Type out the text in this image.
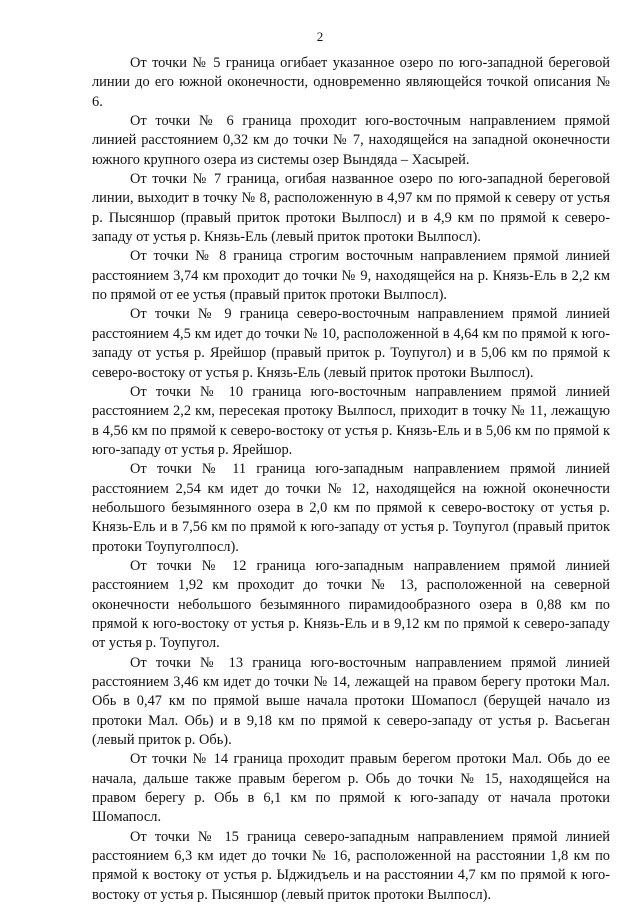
2

От точки № 5 граница огибает указанное озеро по юго-западной береговой линии до его южной оконечности, одновременно являющейся точкой описания № 6.

От точки № 6 граница проходит юго-восточным направлением прямой линией расстоянием 0,32 км до точки № 7, находящейся на западной оконечности южного крупного озера из системы озер Вындяда – Хасырей.

От точки № 7 граница, огибая названное озеро по юго-западной береговой линии, выходит в точку № 8, расположенную в 4,97 км по прямой к северу от устья р. Пысяншор (правый приток протоки Вылпосл) и в 4,9 км по прямой к северо-западу от устья р. Князь-Ель (левый приток протоки Вылпосл).

От точки № 8 граница строгим восточным направлением прямой линией расстоянием 3,74 км проходит до точки № 9, находящейся на р. Князь-Ель в 2,2 км по прямой от ее устья (правый приток протоки Вылпосл).

От точки № 9 граница северо-восточным направлением прямой линией расстоянием 4,5 км идет до точки № 10, расположенной в 4,64 км по прямой к юго-западу от устья р. Ярейшор (правый приток р. Тоупугол) и в 5,06 км по прямой к северо-востоку от устья р. Князь-Ель (левый приток протоки Вылпосл).

От точки № 10 граница юго-восточным направлением прямой линией расстоянием 2,2 км, пересекая протоку Вылпосл, приходит в точку № 11, лежащую в 4,56 км по прямой к северо-востоку от устья р. Князь-Ель и в 5,06 км по прямой к юго-западу от устья р. Ярейшор.

От точки № 11 граница юго-западным направлением прямой линией расстоянием 2,54 км идет до точки № 12, находящейся на южной оконечности небольшого безымянного озера в 2,0 км по прямой к северо-востоку от устья р. Князь-Ель и в 7,56 км по прямой к юго-западу от устья р. Тоупугол (правый приток протоки Тоупуголпосл).

От точки № 12 граница юго-западным направлением прямой линией расстоянием 1,92 км проходит до точки № 13, расположенной на северной оконечности небольшого безымянного пирамидообразного озера в 0,88 км по прямой к юго-востоку от устья р. Князь-Ель и в 9,12 км по прямой к северо-западу от устья р. Тоупугол.

От точки № 13 граница юго-восточным направлением прямой линией расстоянием 3,46 км идет до точки № 14, лежащей на правом берегу протоки Мал. Обь в 0,47 км по прямой выше начала протоки Шомапосл (берущей начало из протоки Мал. Обь) и в 9,18 км по прямой к северо-западу от устья р. Васьеган (левый приток р. Обь).

От точки № 14 граница проходит правым берегом протоки Мал. Обь до ее начала, дальше также правым берегом р. Обь до точки № 15, находящейся на правом берегу р. Обь в 6,1 км по прямой к юго-западу от начала протоки Шомапосл.

От точки № 15 граница северо-западным направлением прямой линией расстоянием 6,3 км идет до точки № 16, расположенной на расстоянии 1,8 км по прямой к востоку от устья р. Ыджидъель и на расстоянии 4,7 км по прямой к юго-востоку от устья р. Пысяншор (левый приток протоки Вылпосл).
